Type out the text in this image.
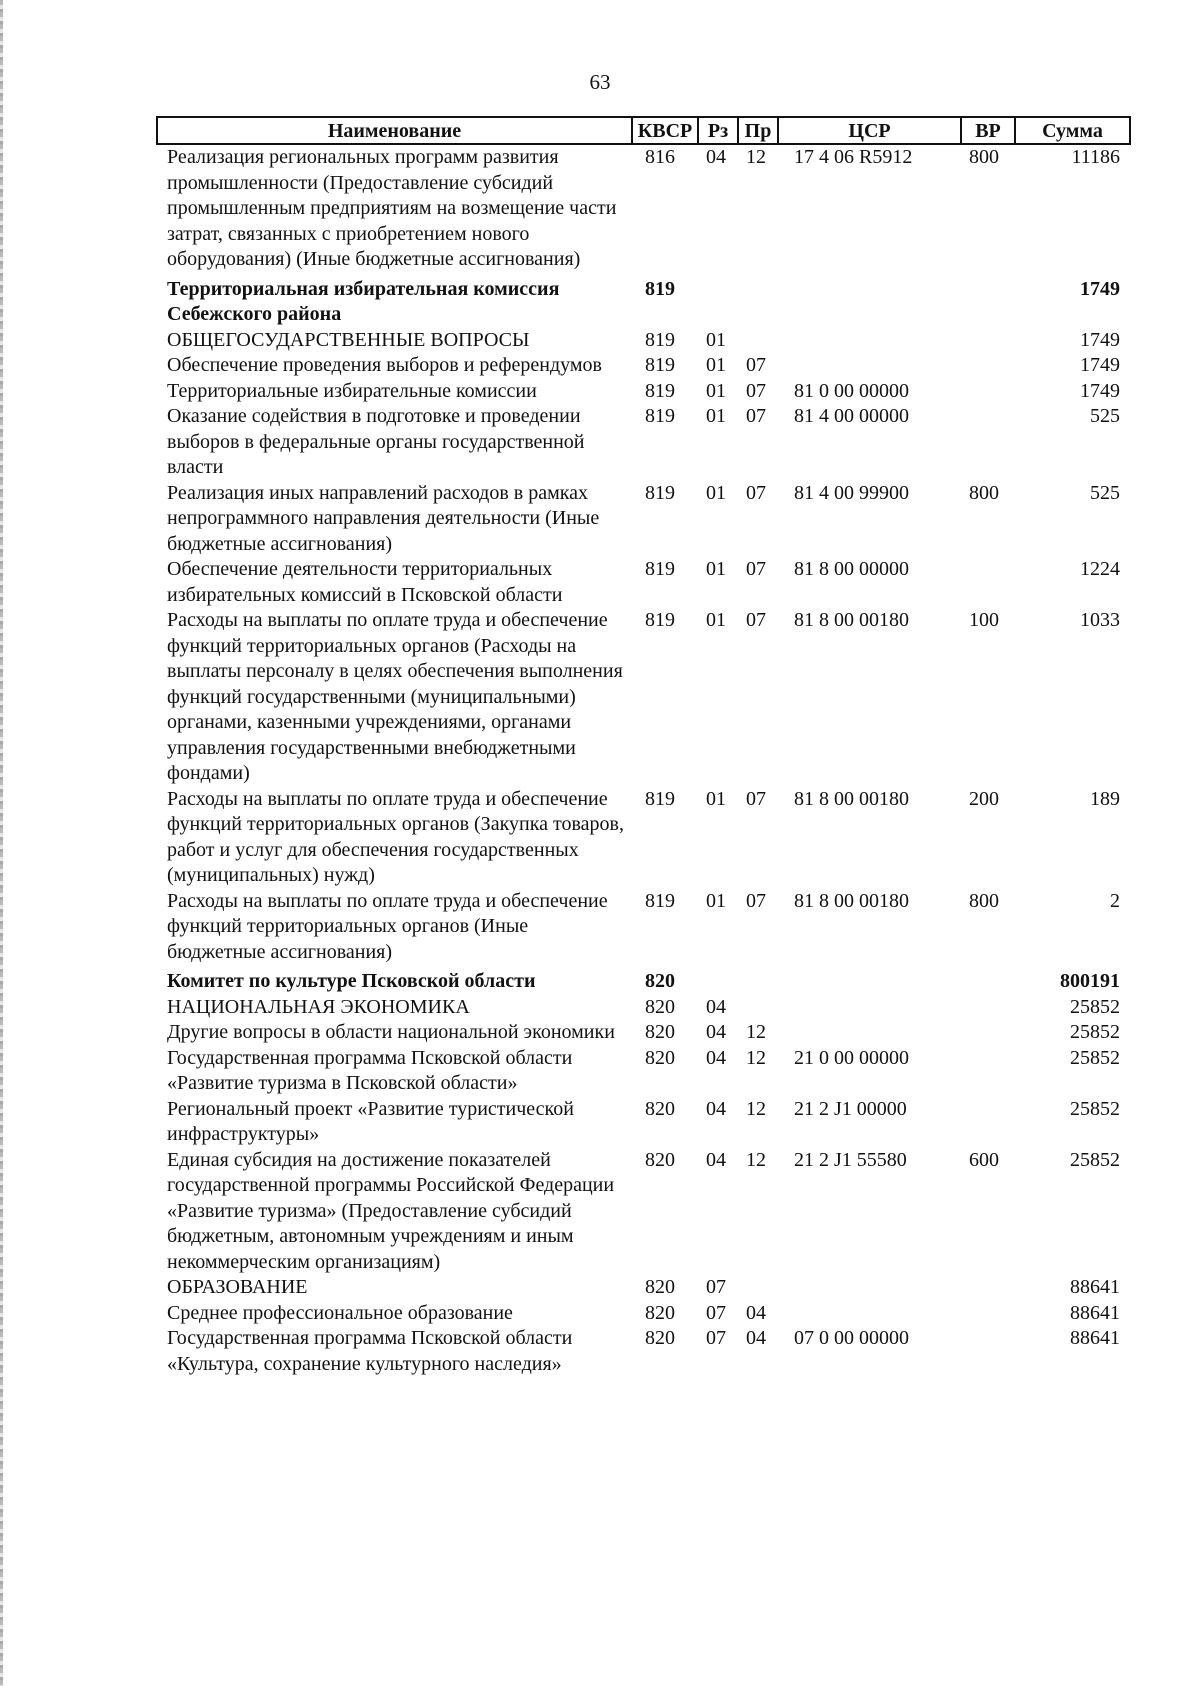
63
Наименование	КВСР	Рз	Пр	ЦСР	ВР	Сумма
Реализация региональных программ развития промышленности (Предоставление субсидий промышленным предприятиям на возмещение части затрат, связанных с приобретением нового оборудования) (Иные бюджетные ассигнования)	816	04	12	17 4 06 R5912	800	11186
Территориальная избирательная комиссия Себежского района	819					1749
ОБЩЕГОСУДАРСТВЕННЫЕ ВОПРОСЫ	819	01				1749
Обеспечение проведения выборов и референдумов	819	01	07			1749
Территориальные избирательные комиссии	819	01	07	81 0 00 00000		1749
Оказание содействия в подготовке и проведении выборов в федеральные органы государственной власти	819	01	07	81 4 00 00000		525
Реализация иных направлений расходов в рамках непрограммного направления деятельности (Иные бюджетные ассигнования)	819	01	07	81 4 00 99900	800	525
Обеспечение деятельности территориальных избирательных комиссий в Псковской области	819	01	07	81 8 00 00000		1224
Расходы на выплаты по оплате труда и обеспечение функций территориальных органов (Расходы на выплаты персоналу в целях обеспечения выполнения функций государственными (муниципальными) органами, казенными учреждениями, органами управления государственными внебюджетными фондами)	819	01	07	81 8 00 00180	100	1033
Расходы на выплаты по оплате труда и обеспечение функций территориальных органов (Закупка товаров, работ и услуг для обеспечения государственных (муниципальных) нужд)	819	01	07	81 8 00 00180	200	189
Расходы на выплаты по оплате труда и обеспечение функций территориальных органов (Иные бюджетные ассигнования)	819	01	07	81 8 00 00180	800	2
Комитет по культуре Псковской области	820					800191
НАЦИОНАЛЬНАЯ ЭКОНОМИКА	820	04				25852
Другие вопросы в области национальной экономики	820	04	12			25852
Государственная программа Псковской области «Развитие туризма в Псковской области»	820	04	12	21 0 00 00000		25852
Региональный проект «Развитие туристической инфраструктуры»	820	04	12	21 2 J1 00000		25852
Единая субсидия на достижение показателей государственной программы Российской Федерации «Развитие туризма» (Предоставление субсидий бюджетным, автономным учреждениям и иным некоммерческим организациям)	820	04	12	21 2 J1 55580	600	25852
ОБРАЗОВАНИЕ	820	07				88641
Среднее профессиональное образование	820	07	04			88641
Государственная программа Псковской области «Культура, сохранение культурного наследия»	820	07	04	07 0 00 00000		88641
